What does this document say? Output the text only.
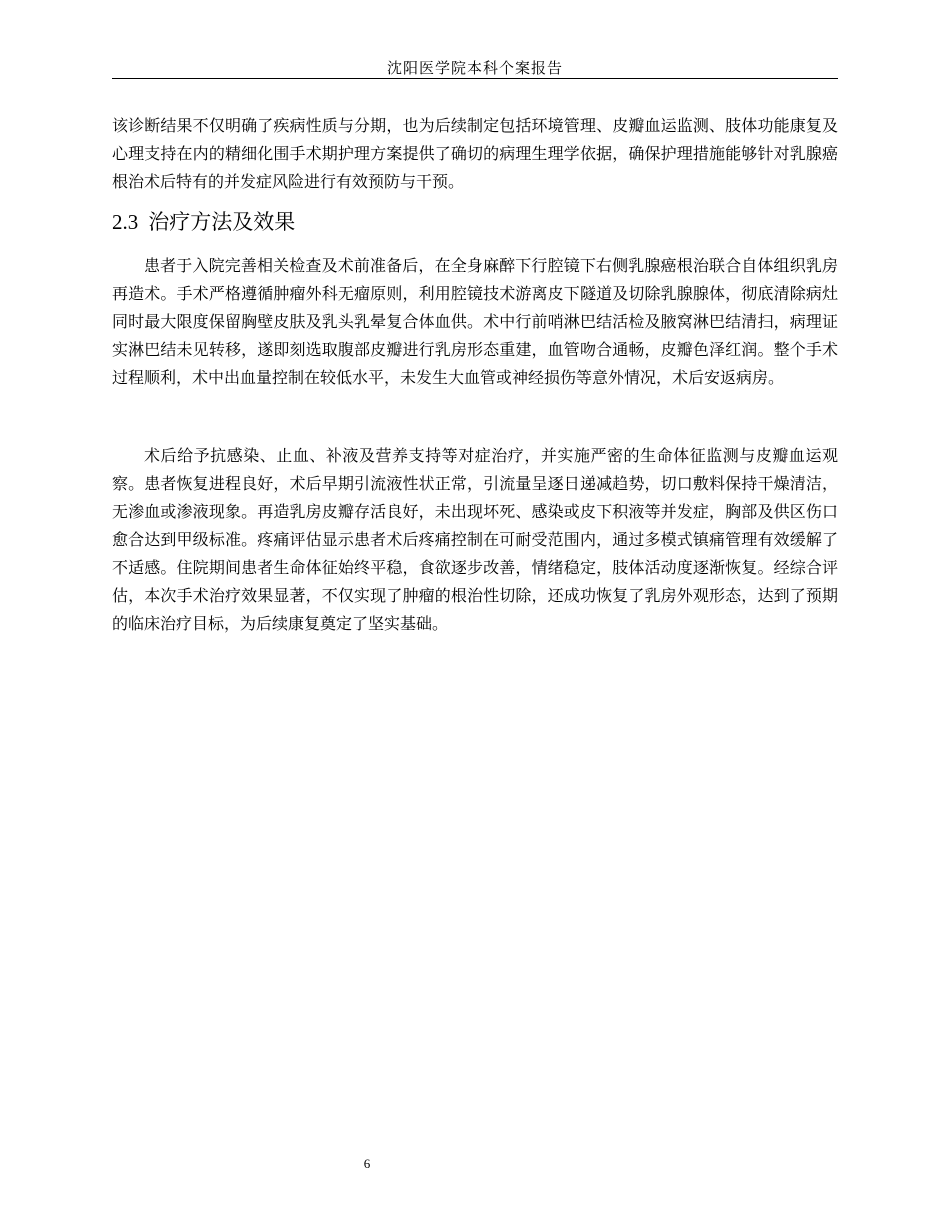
沈阳医学院本科个案报告

该诊断结果不仅明确了疾病性质与分期，也为后续制定包括环境管理、皮瓣血运监测、肢体功能康复及心理支持在内的精细化围手术期护理方案提供了确切的病理生理学依据，确保护理措施能够针对乳腺癌根治术后特有的并发症风险进行有效预防与干预。

2.3 治疗方法及效果

患者于入院完善相关检查及术前准备后，在全身麻醉下行腔镜下右侧乳腺癌根治联合自体组织乳房再造术。手术严格遵循肿瘤外科无瘤原则，利用腔镜技术游离皮下隧道及切除乳腺腺体，彻底清除病灶同时最大限度保留胸壁皮肤及乳头乳晕复合体血供。术中行前哨淋巴结活检及腋窝淋巴结清扫，病理证实淋巴结未见转移，遂即刻选取腹部皮瓣进行乳房形态重建，血管吻合通畅，皮瓣色泽红润。整个手术过程顺利，术中出血量控制在较低水平，未发生大血管或神经损伤等意外情况，术后安返病房。

术后给予抗感染、止血、补液及营养支持等对症治疗，并实施严密的生命体征监测与皮瓣血运观察。患者恢复进程良好，术后早期引流液性状正常，引流量呈逐日递减趋势，切口敷料保持干燥清洁，无渗血或渗液现象。再造乳房皮瓣存活良好，未出现坏死、感染或皮下积液等并发症，胸部及供区伤口愈合达到甲级标准。疼痛评估显示患者术后疼痛控制在可耐受范围内，通过多模式镇痛管理有效缓解了不适感。住院期间患者生命体征始终平稳，食欲逐步改善，情绪稳定，肢体活动度逐渐恢复。经综合评估，本次手术治疗效果显著，不仅实现了肿瘤的根治性切除，还成功恢复了乳房外观形态，达到了预期的临床治疗目标，为后续康复奠定了坚实基础。

6
